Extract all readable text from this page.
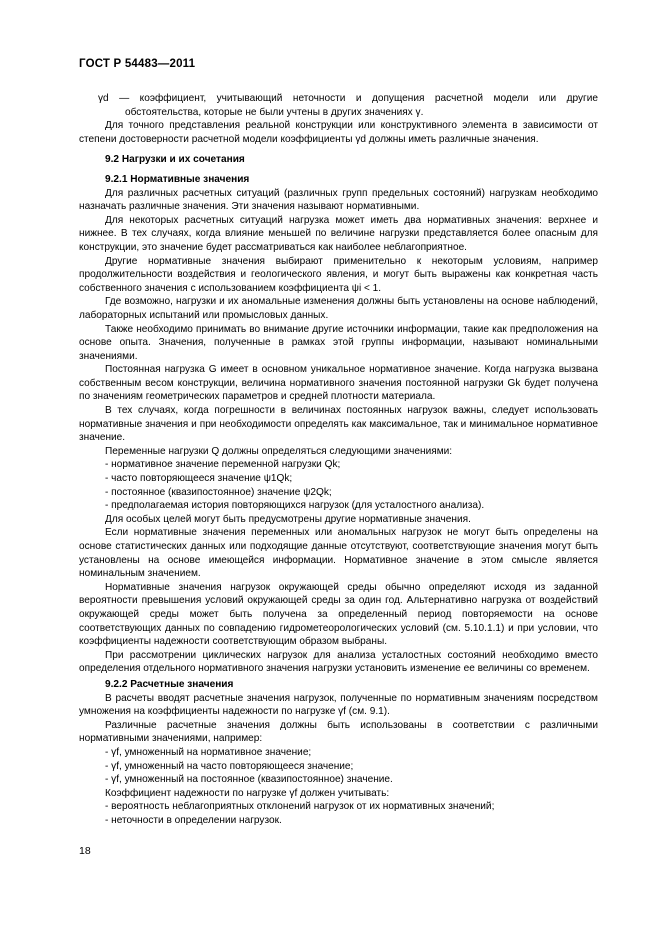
ГОСТ Р 54483—2011

γd — коэффициент, учитывающий неточности и допущения расчетной модели или другие обстоятельства, которые не были учтены в других значениях γ.

Для точного представления реальной конструкции или конструктивного элемента в зависимости от степени достоверности расчетной модели коэффициенты γd должны иметь различные значения.

9.2 Нагрузки и их сочетания

9.2.1 Нормативные значения

Для различных расчетных ситуаций (различных групп предельных состояний) нагрузкам необходимо назначать различные значения. Эти значения называют нормативными.

Для некоторых расчетных ситуаций нагрузка может иметь два нормативных значения: верхнее и нижнее. В тех случаях, когда влияние меньшей по величине нагрузки представляется более опасным для конструкции, это значение будет рассматриваться как наиболее неблагоприятное.

Другие нормативные значения выбирают применительно к некоторым условиям, например продолжительности воздействия и геологического явления, и могут быть выражены как конкретная часть собственного значения с использованием коэффициента ψi < 1.

Где возможно, нагрузки и их аномальные изменения должны быть установлены на основе наблюдений, лабораторных испытаний или промысловых данных.

Также необходимо принимать во внимание другие источники информации, такие как предположения на основе опыта. Значения, полученные в рамках этой группы информации, называют номинальными значениями.

Постоянная нагрузка G имеет в основном уникальное нормативное значение. Когда нагрузка вызвана собственным весом конструкции, величина нормативного значения постоянной нагрузки Gk будет получена по значениям геометрических параметров и средней плотности материала.

В тех случаях, когда погрешности в величинах постоянных нагрузок важны, следует использовать нормативные значения и при необходимости определять как максимальное, так и минимальное нормативное значение.

Переменные нагрузки Q должны определяться следующими значениями:

- нормативное значение переменной нагрузки Qk;

- часто повторяющееся значение ψ1Qk;

- постоянное (квазипостоянное) значение ψ2Qk;

- предполагаемая история повторяющихся нагрузок (для усталостного анализа).

Для особых целей могут быть предусмотрены другие нормативные значения.

Если нормативные значения переменных или аномальных нагрузок не могут быть определены на основе статистических данных или подходящие данные отсутствуют, соответствующие значения могут быть установлены на основе имеющейся информации. Нормативное значение в этом смысле является номинальным значением.

Нормативные значения нагрузок окружающей среды обычно определяют исходя из заданной вероятности превышения условий окружающей среды за один год. Альтернативно нагрузка от воздействий окружающей среды может быть получена за определенный период повторяемости на основе соответствующих данных по совпадению гидрометеорологических условий (см. 5.10.1.1) и при условии, что коэффициенты надежности соответствующим образом выбраны.

При рассмотрении циклических нагрузок для анализа усталостных состояний необходимо вместо определения отдельного нормативного значения нагрузки установить изменение ее величины со временем.

9.2.2 Расчетные значения

В расчеты вводят расчетные значения нагрузок, полученные по нормативным значениям посредством умножения на коэффициенты надежности по нагрузке γf (см. 9.1).

Различные расчетные значения должны быть использованы в соответствии с различными нормативными значениями, например:

- γf, умноженный на нормативное значение;

- γf, умноженный на часто повторяющееся значение;

- γf, умноженный на постоянное (квазипостоянное) значение.

Коэффициент надежности по нагрузке γf должен учитывать:

- вероятность неблагоприятных отклонений нагрузок от их нормативных значений;

- неточности в определении нагрузок.

18
